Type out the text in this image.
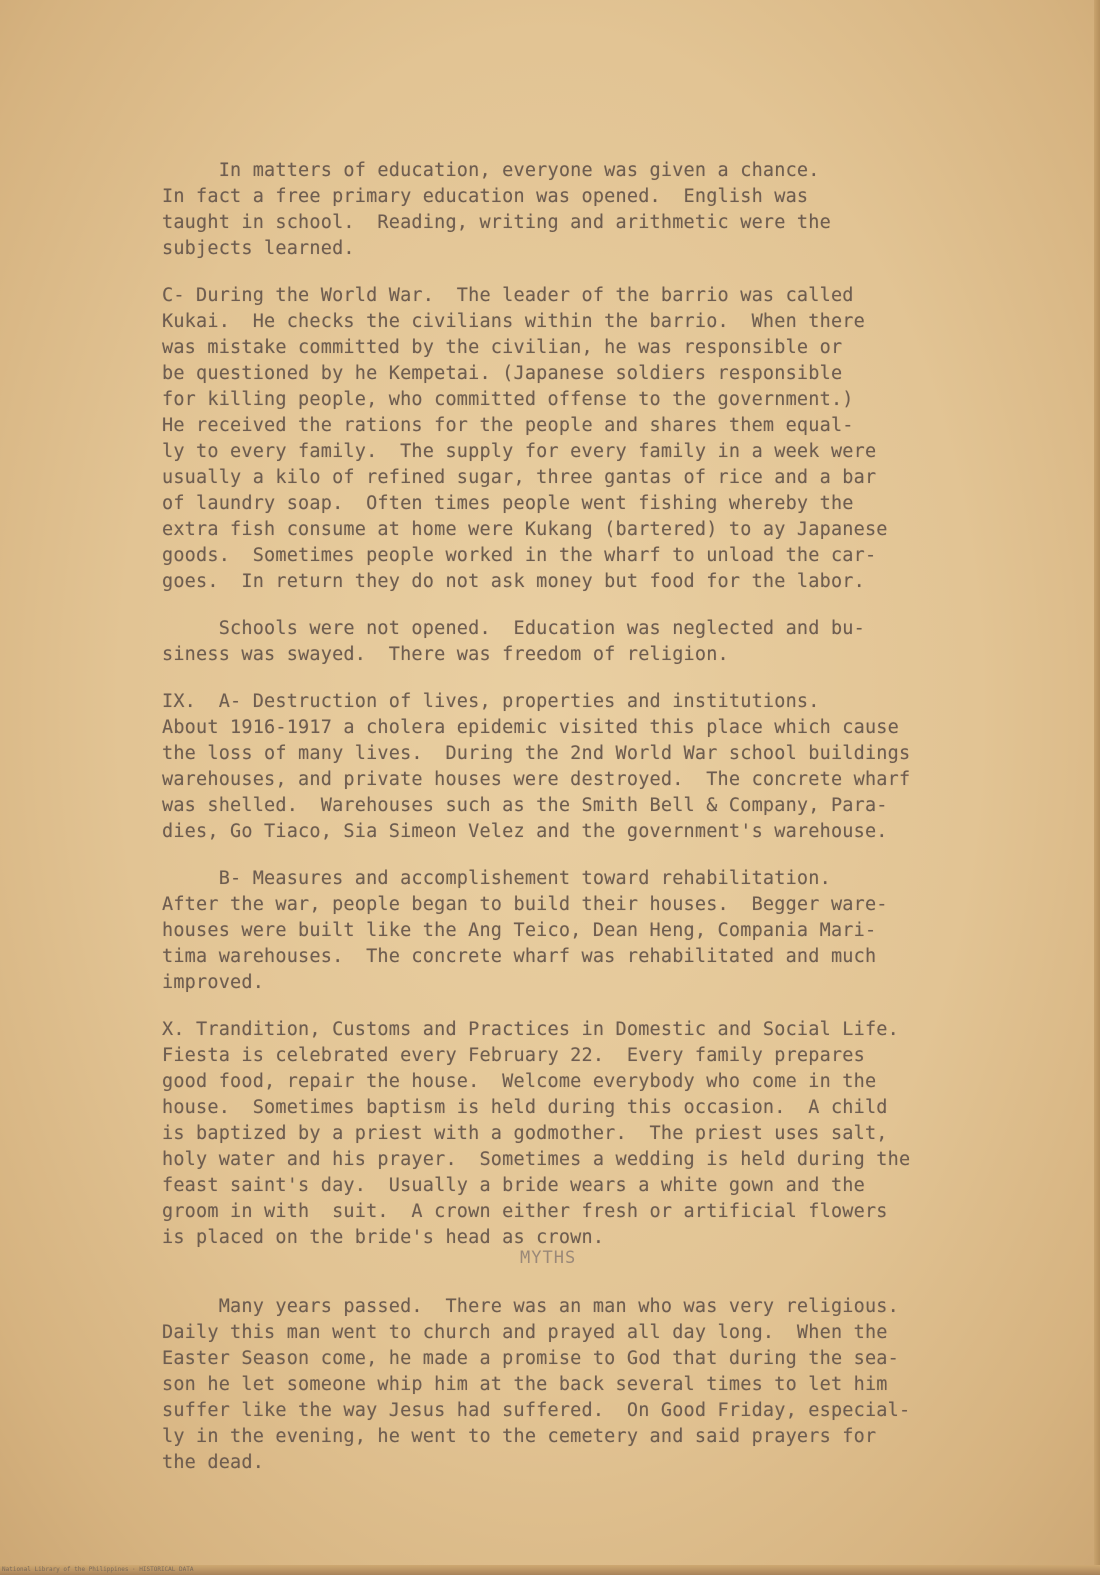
In matters of education, everyone was given a chance.
In fact a free primary education was opened.  English was
taught in school.  Reading, writing and arithmetic were the
subjects learned.
C- During the World War.  The leader of the barrio was called
Kukai.  He checks the civilians within the barrio.  When there
was mistake committed by the civilian, he was responsible or
be questioned by he Kempetai. (Japanese soldiers responsible
for killing people, who committed offense to the government.)
He received the rations for the people and shares them equal-
ly to every family.  The supply for every family in a week were
usually a kilo of refined sugar, three gantas of rice and a bar
of laundry soap.  Often times people went fishing whereby the
extra fish consume at home were Kukang (bartered) to ay Japanese
goods.  Sometimes people worked in the wharf to unload the car-
goes.  In return they do not ask money but food for the labor.
Schools were not opened.  Education was neglected and bu-
siness was swayed.  There was freedom of religion.
IX.  A- Destruction of lives, properties and institutions.
About 1916-1917 a cholera epidemic visited this place which cause
the loss of many lives.  During the 2nd World War school buildings
warehouses, and private houses were destroyed.  The concrete wharf
was shelled.  Warehouses such as the Smith Bell & Company, Para-
dies, Go Tiaco, Sia Simeon Velez and the government's warehouse.
B- Measures and accomplishement toward rehabilitation.
After the war, people began to build their houses.  Begger ware-
houses were built like the Ang Teico, Dean Heng, Compania Mari-
tima warehouses.  The concrete wharf was rehabilitated and much
improved.
X. Trandition, Customs and Practices in Domestic and Social Life.
Fiesta is celebrated every February 22.  Every family prepares
good food, repair the house.  Welcome everybody who come in the
house.  Sometimes baptism is held during this occasion.  A child
is baptized by a priest with a godmother.  The priest uses salt,
holy water and his prayer.  Sometimes a wedding is held during the
feast saint's day.  Usually a bride wears a white gown and the
groom in with  suit.  A crown either fresh or artificial flowers
is placed on the bride's head as crown.
MYTHS
Many years passed.  There was an man who was very religious.
Daily this man went to church and prayed all day long.  When the
Easter Season come, he made a promise to God that during the sea-
son he let someone whip him at the back several times to let him
suffer like the way Jesus had suffered.  On Good Friday, especial-
ly in the evening, he went to the cemetery and said prayers for
the dead.
National Library of the Philippines · HISTORICAL DATA
